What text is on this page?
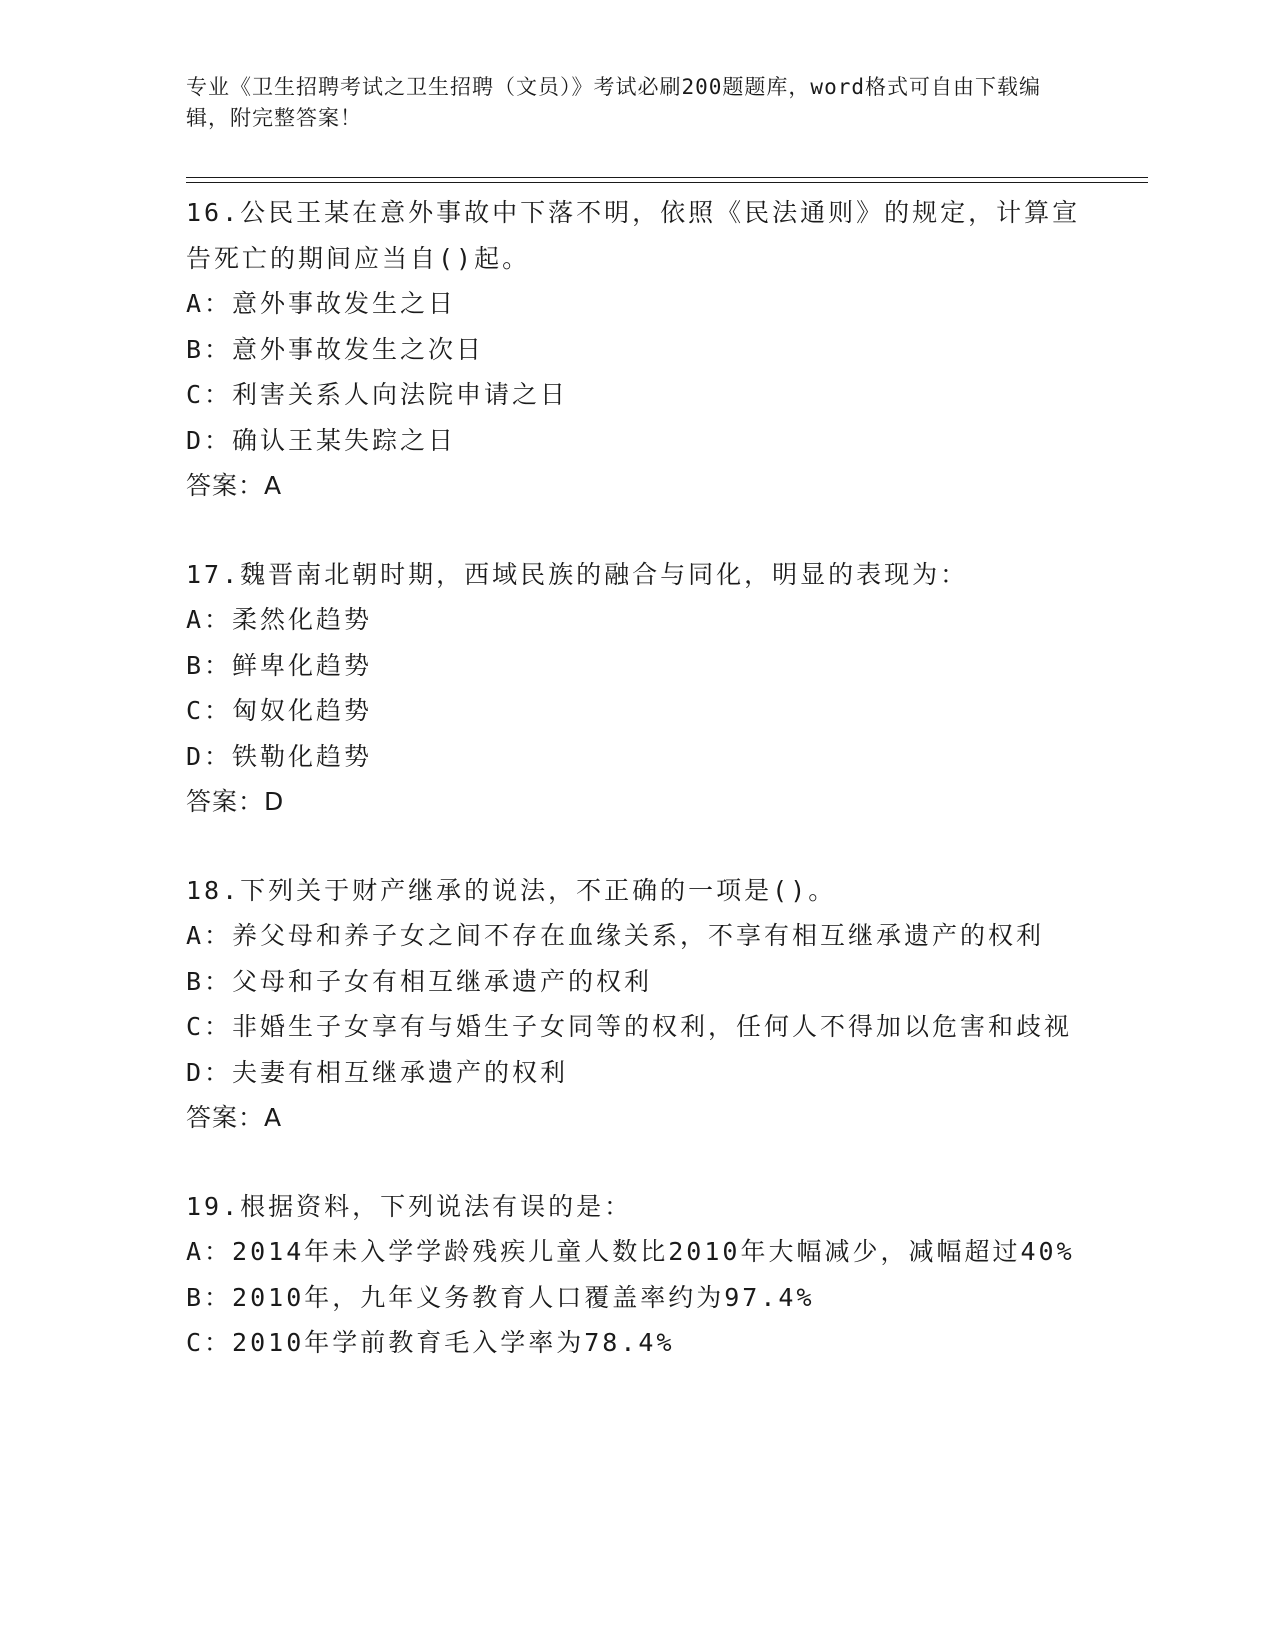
专业《卫生招聘考试之卫生招聘（文员）》考试必刷200题题库，word格式可自由下载编辑，附完整答案！
16.公民王某在意外事故中下落不明，依照《民法通则》的规定，计算宣告死亡的期间应当自()起。
A：意外事故发生之日
B：意外事故发生之次日
C：利害关系人向法院申请之日
D：确认王某失踪之日
答案：A
17.魏晋南北朝时期，西域民族的融合与同化，明显的表现为：
A：柔然化趋势
B：鲜卑化趋势
C：匈奴化趋势
D：铁勒化趋势
答案：D
18.下列关于财产继承的说法，不正确的一项是()。
A：养父母和养子女之间不存在血缘关系，不享有相互继承遗产的权利
B：父母和子女有相互继承遗产的权利
C：非婚生子女享有与婚生子女同等的权利，任何人不得加以危害和歧视
D：夫妻有相互继承遗产的权利
答案：A
19.根据资料，下列说法有误的是：
A：2014年未入学学龄残疾儿童人数比2010年大幅减少，减幅超过40%
B：2010年，九年义务教育人口覆盖率约为97.4%
C：2010年学前教育毛入学率为78.4%
